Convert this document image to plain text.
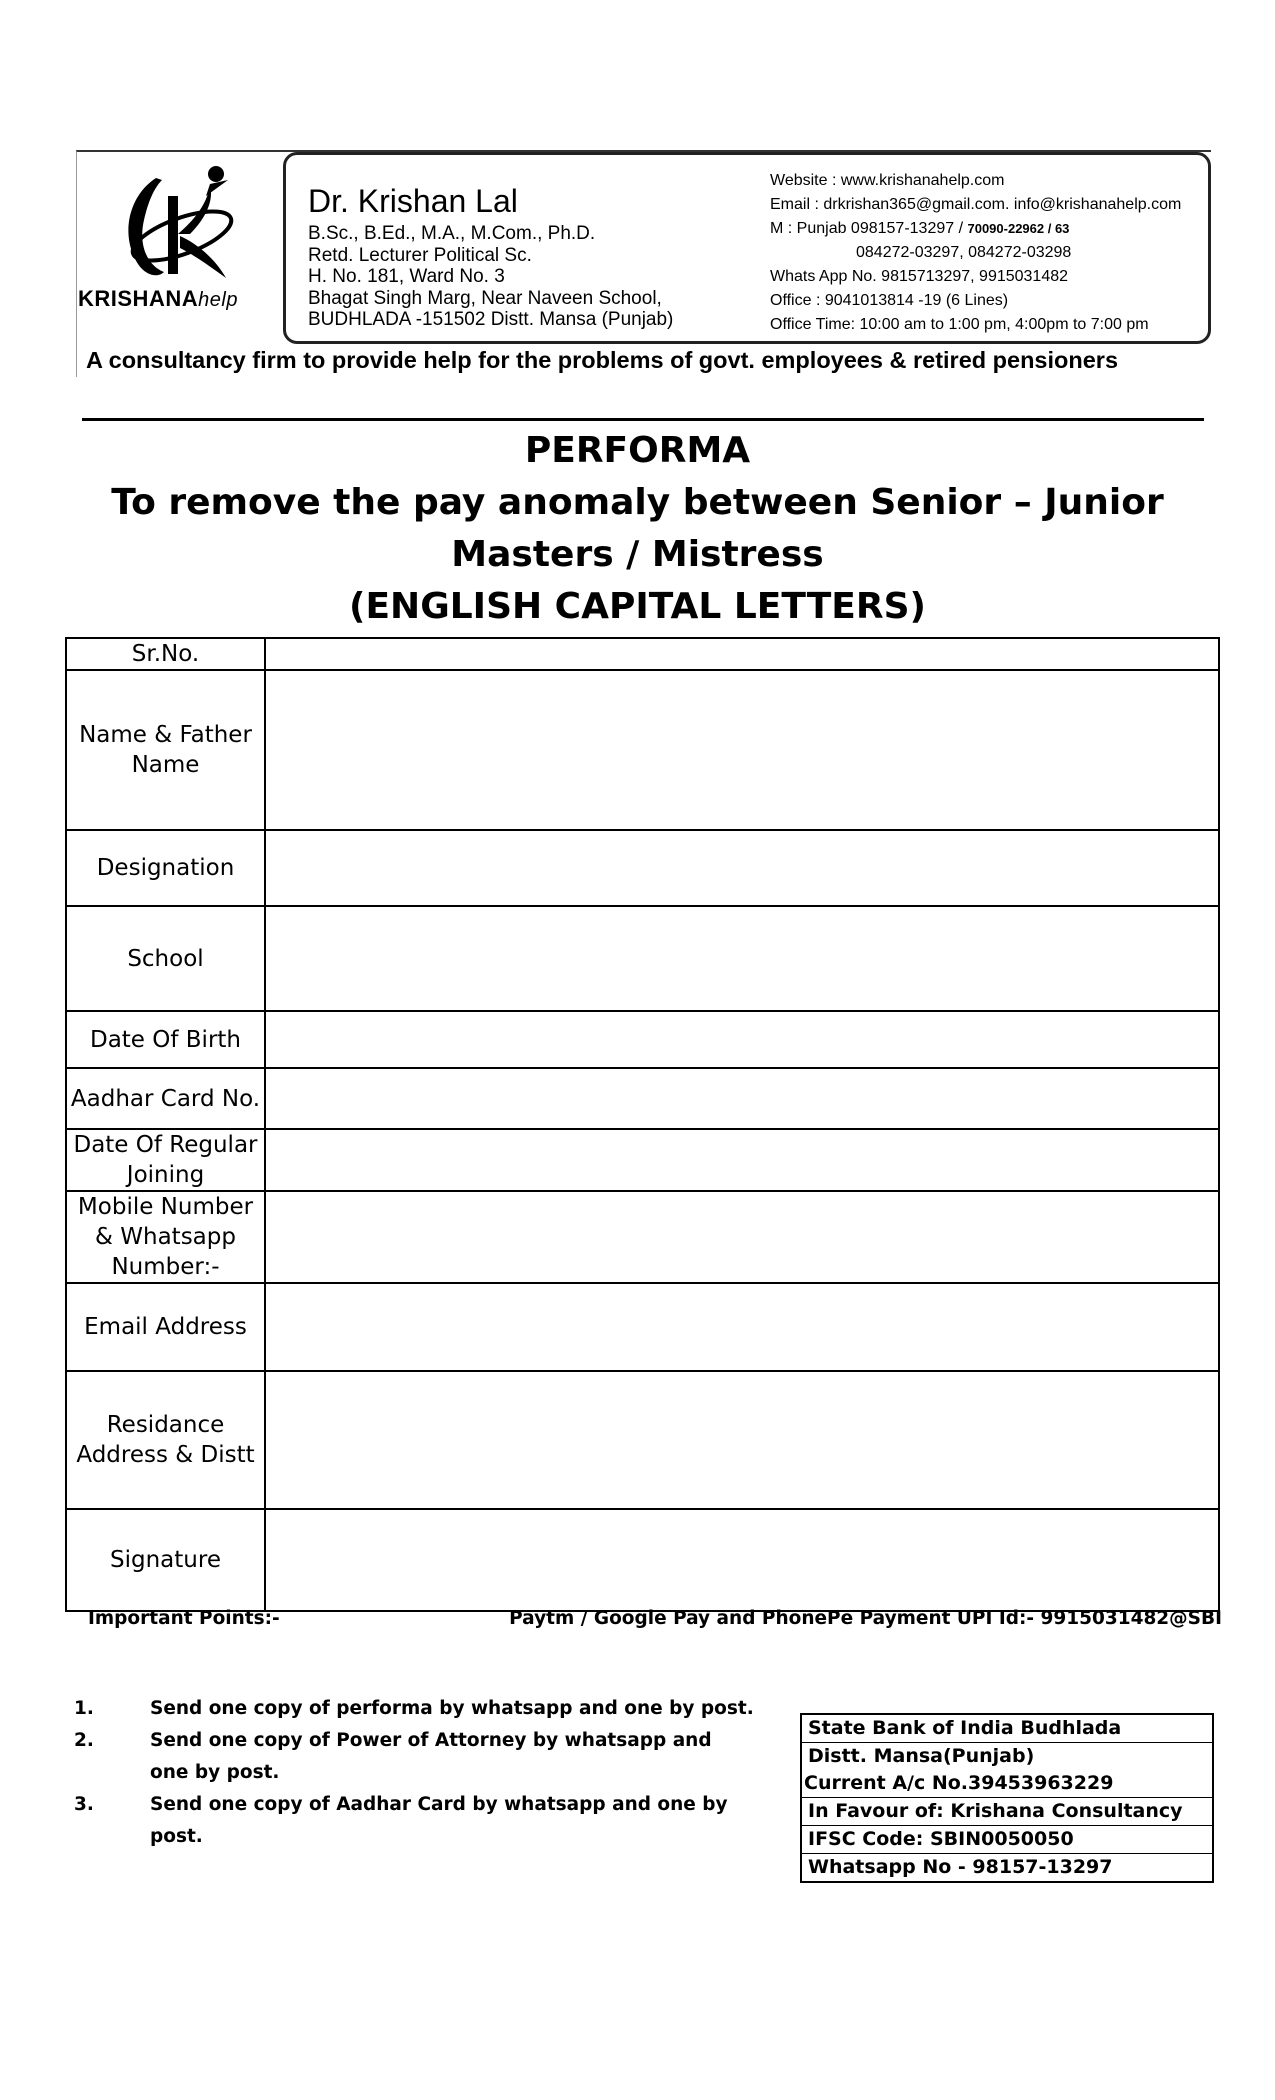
KRISHANAhelp
Dr. Krishan Lal
B.Sc., B.Ed., M.A., M.Com., Ph.D.
Retd. Lecturer Political Sc.
H. No. 181, Ward No. 3
Bhagat Singh Marg, Near Naveen School,
BUDHLADA -151502 Distt. Mansa (Punjab)
Website : www.krishanahelp.com
Email : drkrishan365@gmail.com. info@krishanahelp.com
M : Punjab 098157-13297 / 70090-22962 / 63
084272-03297, 084272-03298
Whats App No. 9815713297, 9915031482
Office : 9041013814 -19 (6 Lines)
Office Time: 10:00 am to 1:00 pm, 4:00pm to 7:00 pm
A consultancy firm to provide help for the problems of govt. employees & retired pensioners
PERFORMA
To remove the pay anomaly between Senior – Junior
Masters / Mistress
(ENGLISH CAPITAL LETTERS)
Sr.No.	
Name & Father Name	
Designation	
School	
Date Of Birth	
Aadhar Card No.	
Date Of Regular Joining	
Mobile Number & Whatsapp Number:-	
Email Address	
Residance Address & Distt	
Signature	
Important Points:-	Paytm / Google Pay and PhonePe Payment UPI Id:- 9915031482@SBI
1.	Send one copy of performa by whatsapp and one by post.
2.	Send one copy of Power of Attorney by whatsapp and one by post.
3.	Send one copy of Aadhar Card by whatsapp and one by post.
State Bank of India Budhlada
Distt. Mansa(Punjab)
Current A/c No.39453963229
In Favour of: Krishana Consultancy
IFSC Code: SBIN0050050
Whatsapp No - 98157-13297
